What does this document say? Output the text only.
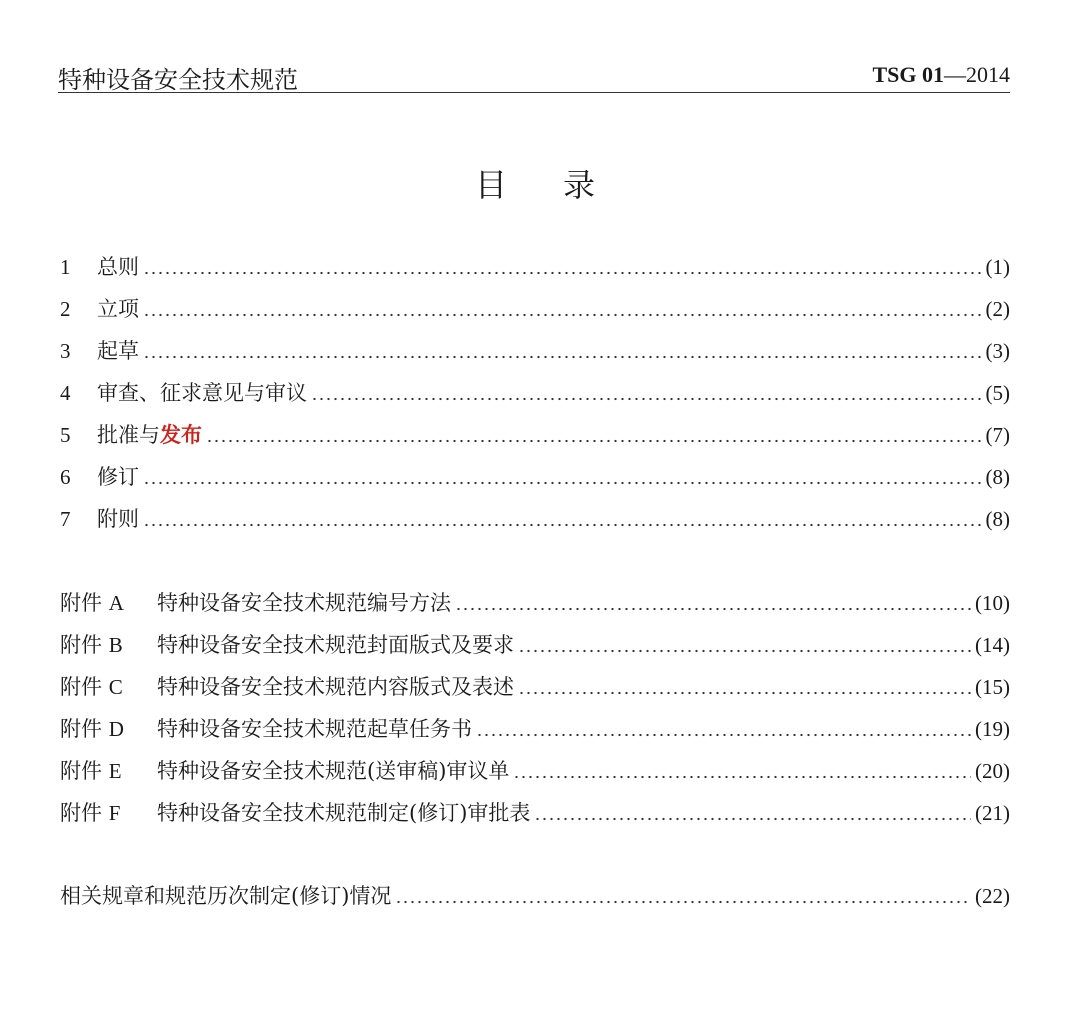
特种设备安全技术规范	TSG 01—2014
目录
1	总则	(1)
2	立项	(2)
3	起草	(3)
4	审查、征求意见与审议	(5)
5	批准与发布	(7)
6	修订	(8)
7	附则	(8)
附件 A	特种设备安全技术规范编号方法	(10)
附件 B	特种设备安全技术规范封面版式及要求	(14)
附件 C	特种设备安全技术规范内容版式及表述	(15)
附件 D	特种设备安全技术规范起草任务书	(19)
附件 E	特种设备安全技术规范(送审稿)审议单	(20)
附件 F	特种设备安全技术规范制定(修订)审批表	(21)
相关规章和规范历次制定(修订)情况	(22)
